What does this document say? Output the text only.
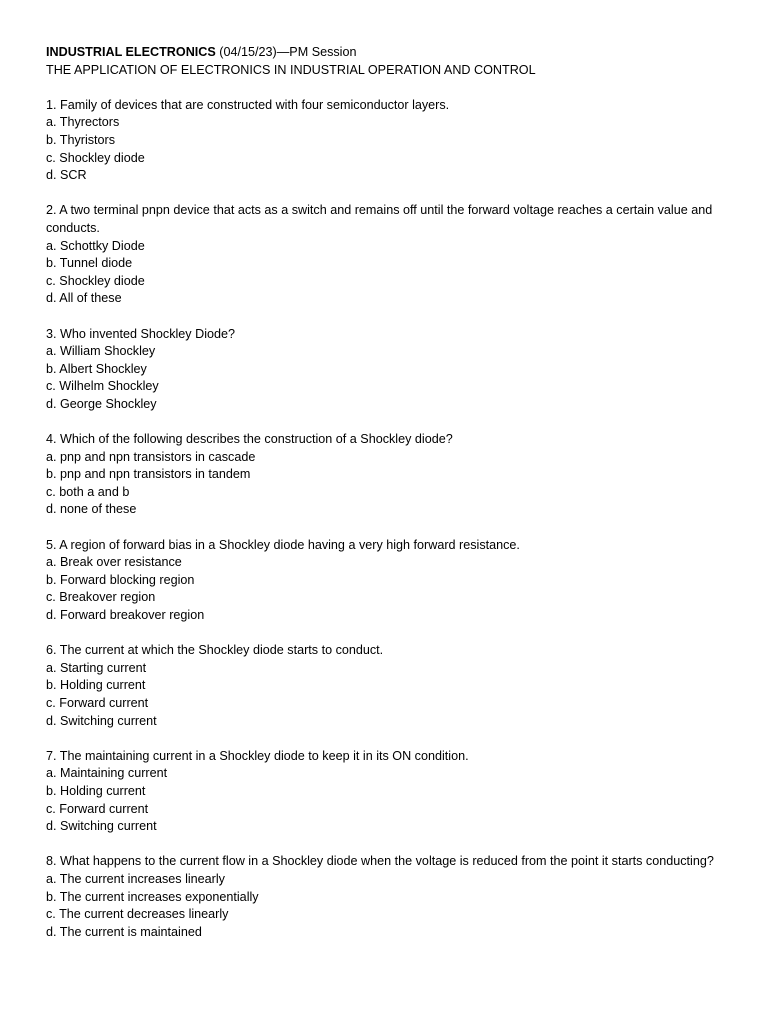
INDUSTRIAL ELECTRONICS (04/15/23)—PM Session
THE APPLICATION OF ELECTRONICS IN INDUSTRIAL OPERATION AND CONTROL
1. Family of devices that are constructed with four semiconductor layers.
a. Thyrectors
b. Thyristors
c. Shockley diode
d. SCR
2. A two terminal pnpn device that acts as a switch and remains off until the forward voltage reaches a certain value and conducts.
a. Schottky Diode
b. Tunnel diode
c. Shockley diode
d. All of these
3. Who invented Shockley Diode?
a. William Shockley
b. Albert Shockley
c. Wilhelm Shockley
d. George Shockley
4. Which of the following describes the construction of a Shockley diode?
a. pnp and npn transistors in cascade
b. pnp and npn transistors in tandem
c. both a and b
d. none of these
5. A region of forward bias in a Shockley diode having a very high forward resistance.
a. Break over resistance
b. Forward blocking region
c. Breakover region
d. Forward breakover region
6. The current at which the Shockley diode starts to conduct.
a. Starting current
b. Holding current
c. Forward current
d. Switching current
7. The maintaining current in a Shockley diode to keep it in its ON condition.
a. Maintaining current
b. Holding current
c. Forward current
d. Switching current
8. What happens to the current flow in a Shockley diode when the voltage is reduced from the point it starts conducting?
a. The current increases linearly
b. The current increases exponentially
c. The current decreases linearly
d. The current is maintained
